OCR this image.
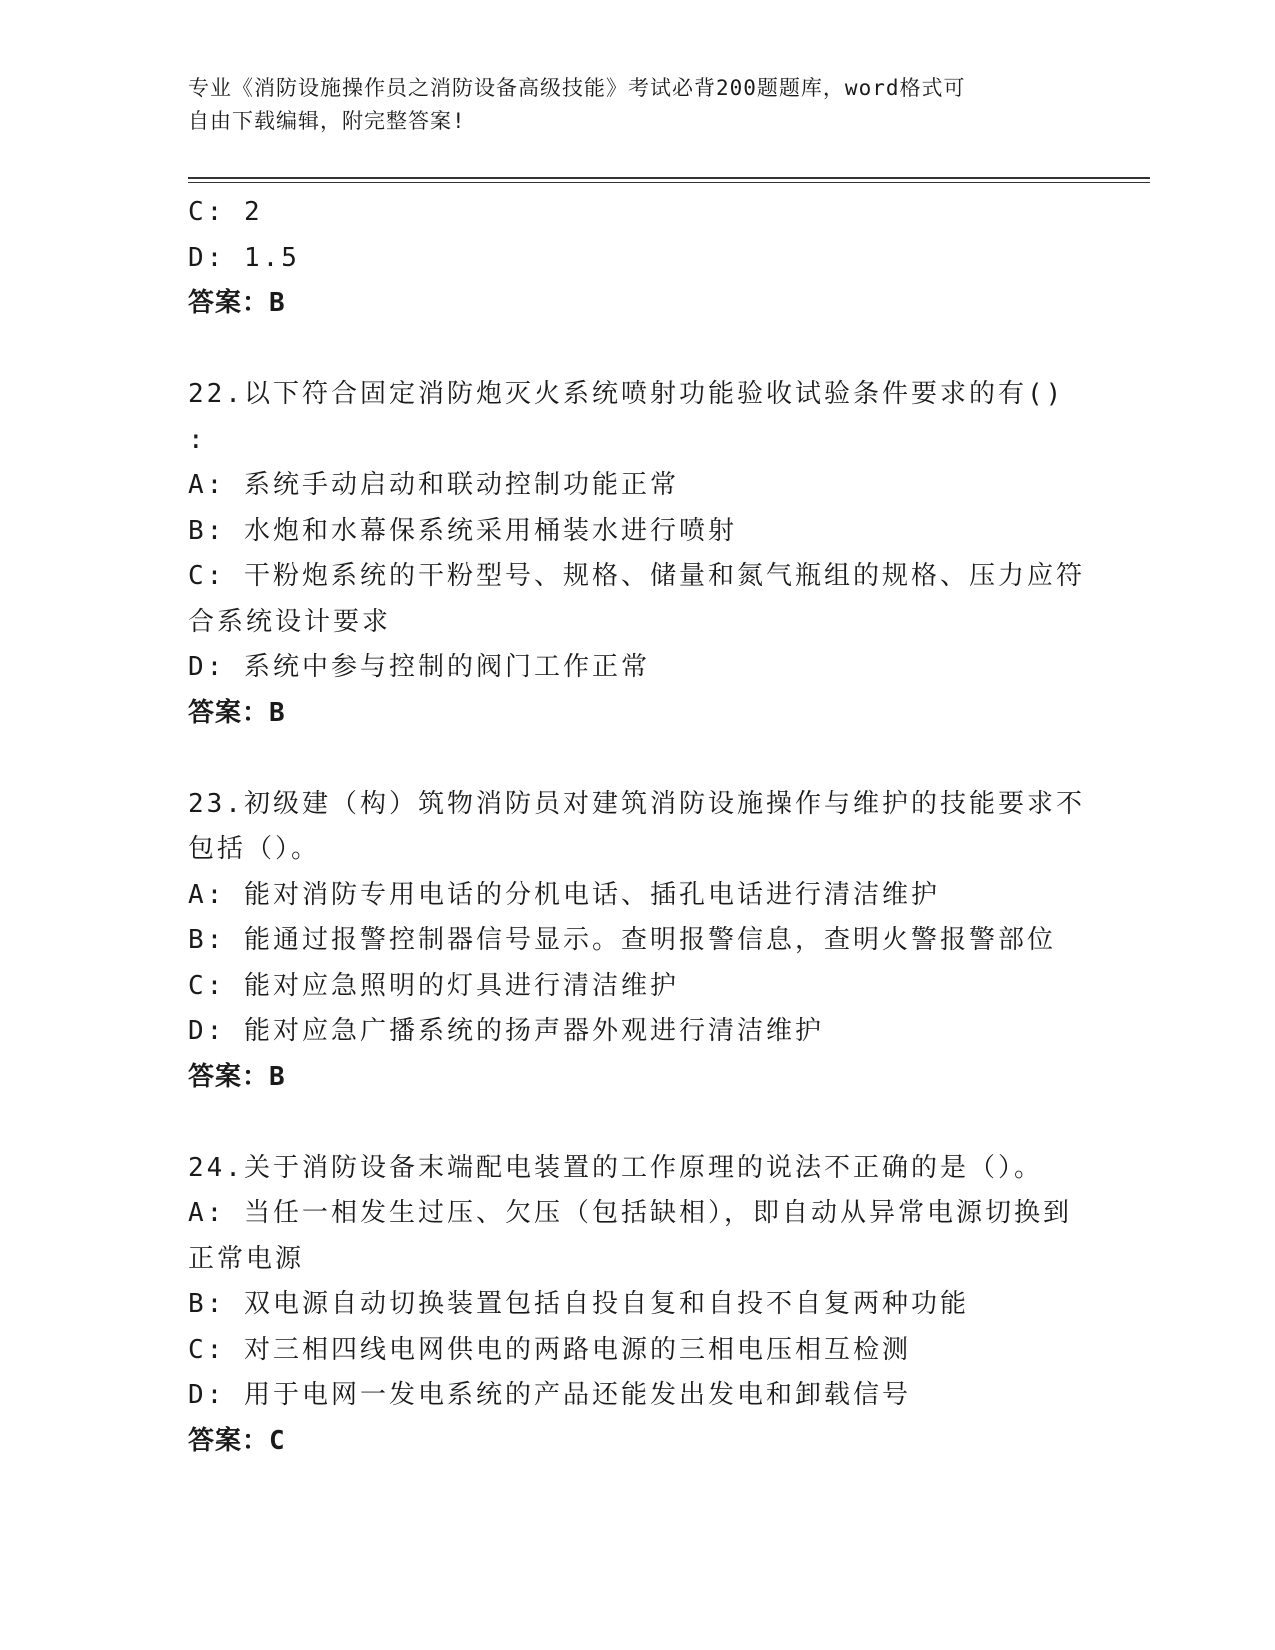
专业《消防设施操作员之消防设备高级技能》考试必背200题题库，word格式可
自由下载编辑，附完整答案!
C: 2
D: 1.5
答案：B
22.以下符合固定消防炮灭火系统喷射功能验收试验条件要求的有()
:
A: 系统手动启动和联动控制功能正常
B: 水炮和水幕保系统采用桶装水进行喷射
C: 干粉炮系统的干粉型号、规格、储量和氮气瓶组的规格、压力应符
合系统设计要求
D: 系统中参与控制的阀门工作正常
答案：B
23.初级建（构）筑物消防员对建筑消防设施操作与维护的技能要求不
包括（）。
A: 能对消防专用电话的分机电话、插孔电话进行清洁维护
B: 能通过报警控制器信号显示。查明报警信息，查明火警报警部位
C: 能对应急照明的灯具进行清洁维护
D: 能对应急广播系统的扬声器外观进行清洁维护
答案：B
24.关于消防设备末端配电装置的工作原理的说法不正确的是（）。
A: 当任一相发生过压、欠压（包括缺相），即自动从异常电源切换到
正常电源
B: 双电源自动切换装置包括自投自复和自投不自复两种功能
C: 对三相四线电网供电的两路电源的三相电压相互检测
D: 用于电网一发电系统的产品还能发出发电和卸载信号
答案：C
